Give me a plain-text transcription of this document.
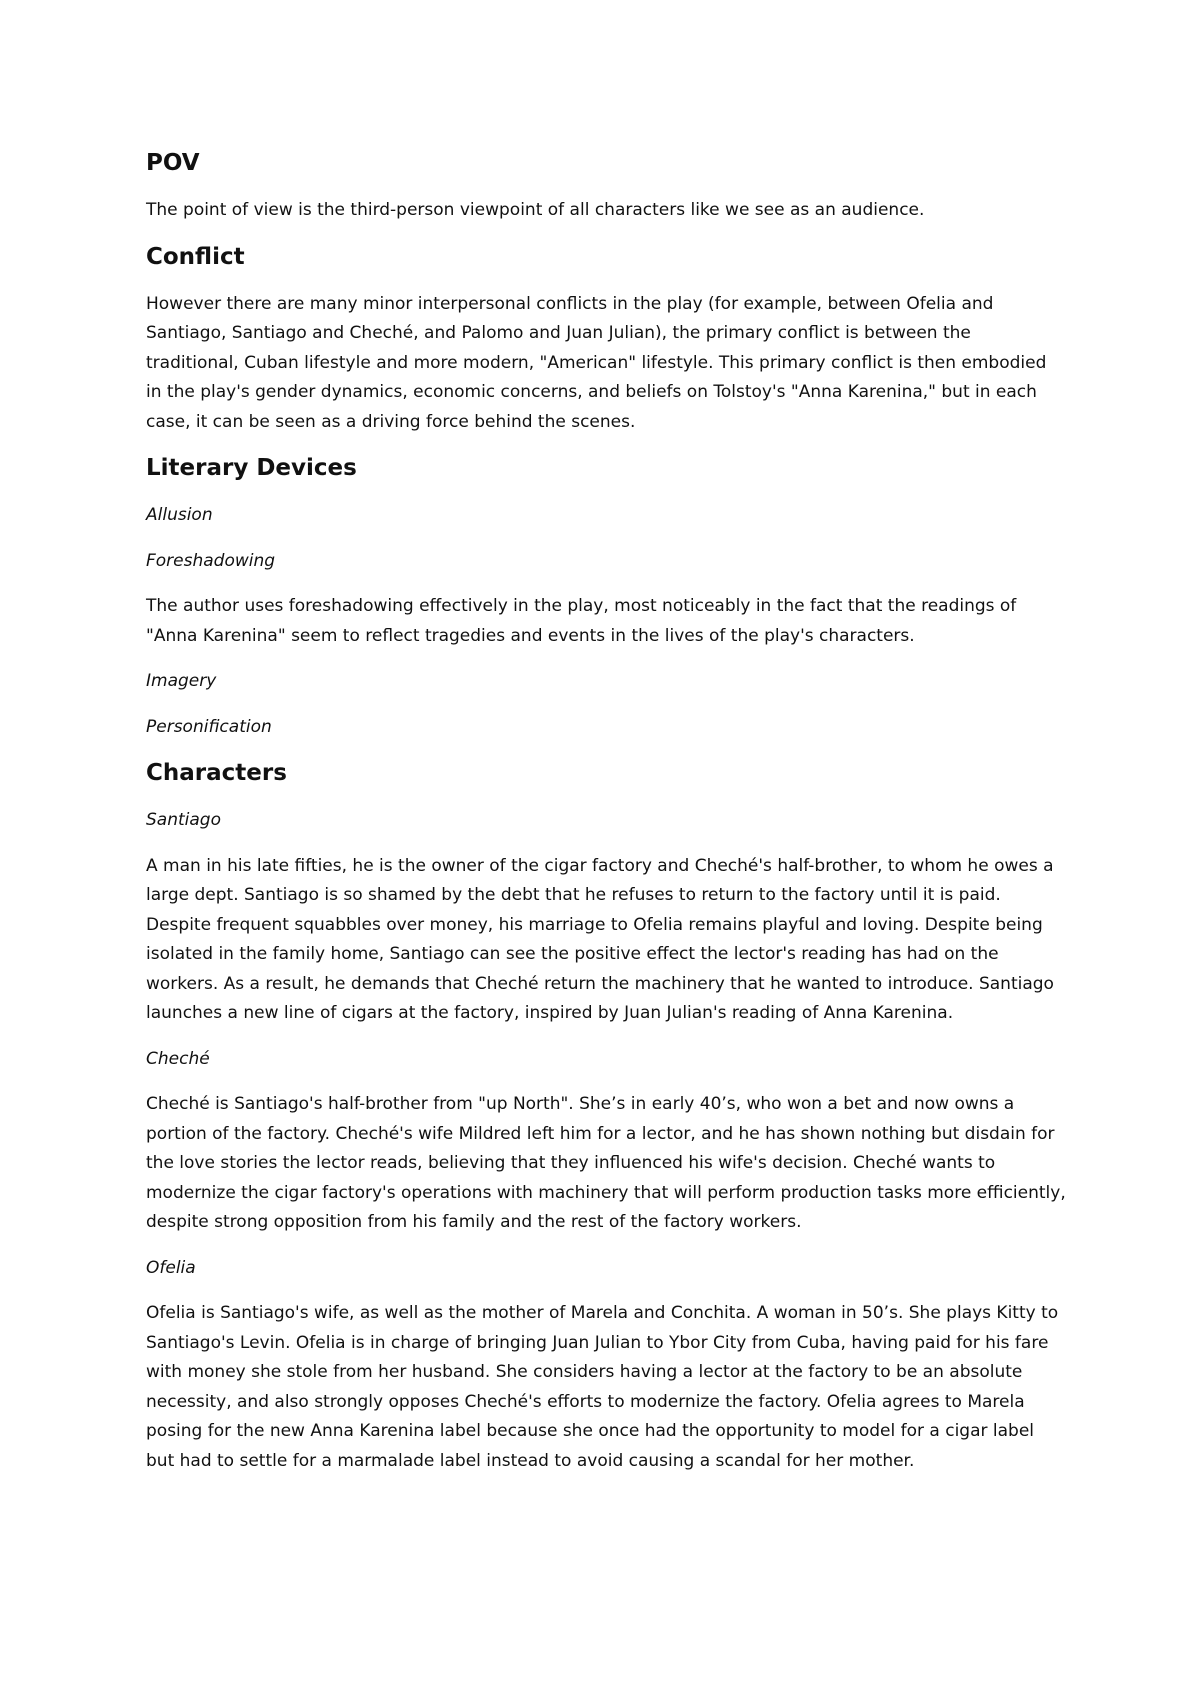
POV
The point of view is the third-person viewpoint of all characters like we see as an audience.
Conflict
However there are many minor interpersonal conflicts in the play (for example, between Ofelia and Santiago, Santiago and Cheché, and Palomo and Juan Julian), the primary conflict is between the traditional, Cuban lifestyle and more modern, "American" lifestyle. This primary conflict is then embodied in the play's gender dynamics, economic concerns, and beliefs on Tolstoy's "Anna Karenina," but in each case, it can be seen as a driving force behind the scenes.
Literary Devices
Allusion
Foreshadowing
The author uses foreshadowing effectively in the play, most noticeably in the fact that the readings of "Anna Karenina" seem to reflect tragedies and events in the lives of the play's characters.
Imagery
Personification
Characters
Santiago
A man in his late fifties, he is the owner of the cigar factory and Cheché's half-brother, to whom he owes a large dept. Santiago is so shamed by the debt that he refuses to return to the factory until it is paid. Despite frequent squabbles over money, his marriage to Ofelia remains playful and loving. Despite being isolated in the family home, Santiago can see the positive effect the lector's reading has had on the workers. As a result, he demands that Cheché return the machinery that he wanted to introduce. Santiago launches a new line of cigars at the factory, inspired by Juan Julian's reading of Anna Karenina.
Cheché
Cheché is Santiago's half-brother from "up North". She’s in early 40’s, who won a bet and now owns a portion of the factory. Cheché's wife Mildred left him for a lector, and he has shown nothing but disdain for the love stories the lector reads, believing that they influenced his wife's decision. Cheché wants to modernize the cigar factory's operations with machinery that will perform production tasks more efficiently, despite strong opposition from his family and the rest of the factory workers.
Ofelia
Ofelia is Santiago's wife, as well as the mother of Marela and Conchita. A woman in 50’s. She plays Kitty to Santiago's Levin. Ofelia is in charge of bringing Juan Julian to Ybor City from Cuba, having paid for his fare with money she stole from her husband. She considers having a lector at the factory to be an absolute necessity, and also strongly opposes Cheché's efforts to modernize the factory. Ofelia agrees to Marela posing for the new Anna Karenina label because she once had the opportunity to model for a cigar label but had to settle for a marmalade label instead to avoid causing a scandal for her mother.
